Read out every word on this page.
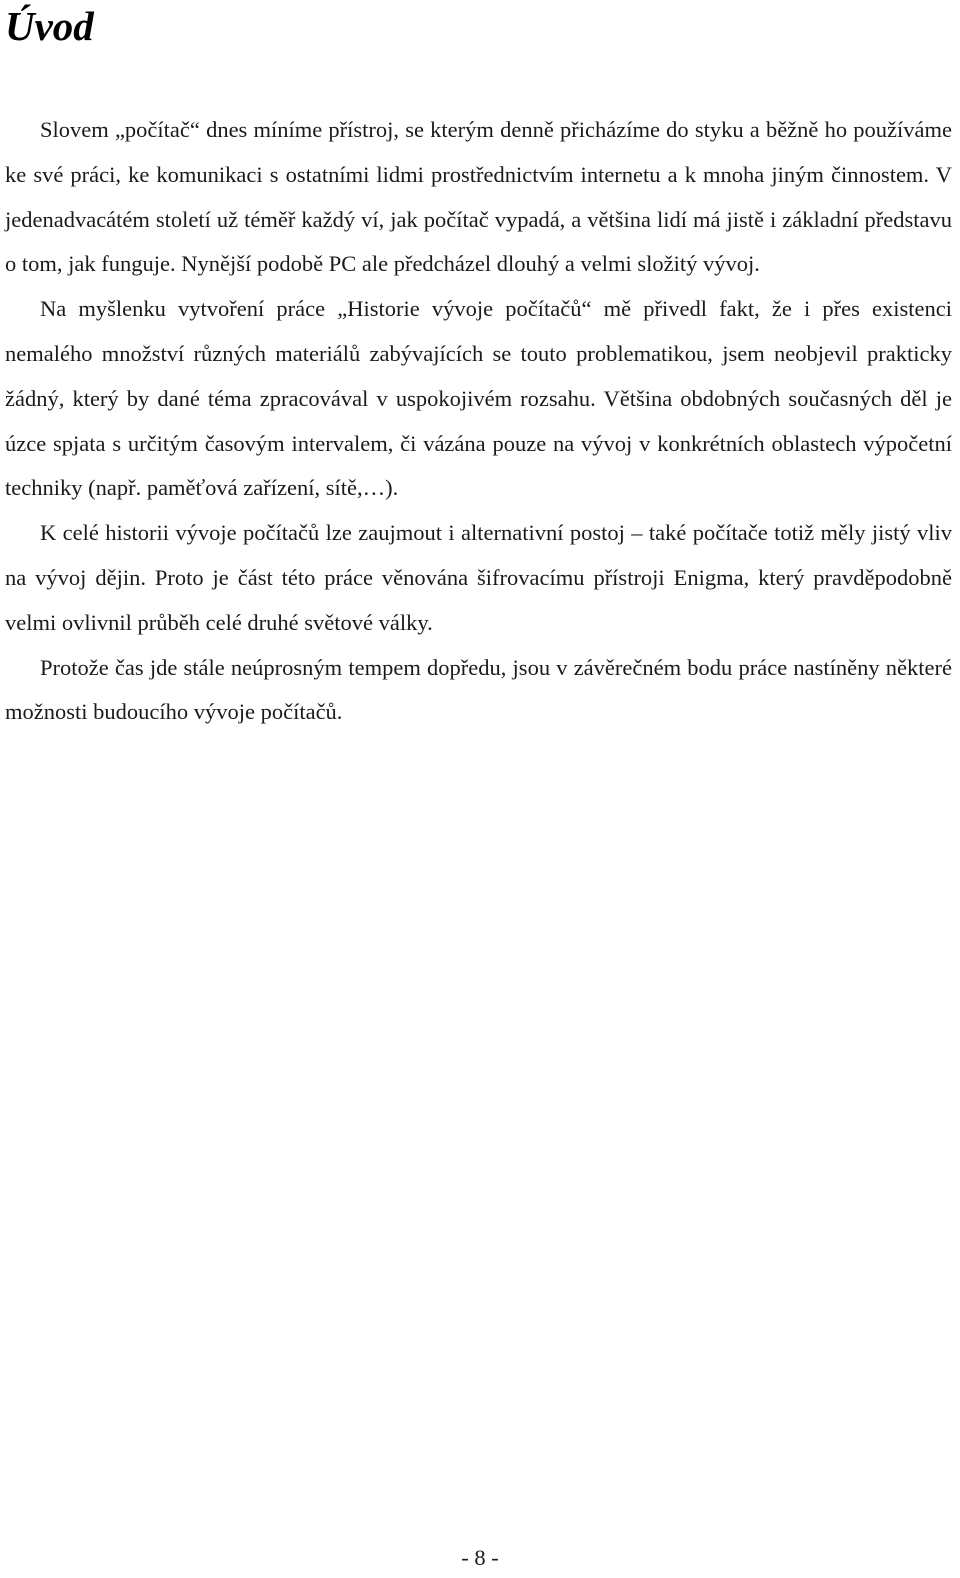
Úvod

Slovem „počítač“ dnes míníme přístroj, se kterým denně přicházíme do styku a běžně ho používáme ke své práci, ke komunikaci s ostatními lidmi prostřednictvím internetu a k mnoha jiným činnostem. V jedenadvacátém století už téměř každý ví, jak počítač vypadá, a většina lidí má jistě i základní představu o tom, jak funguje. Nynější podobě PC ale předcházel dlouhý a velmi složitý vývoj.

Na myšlenku vytvoření práce „Historie vývoje počítačů“ mě přivedl fakt, že i přes existenci nemalého množství různých materiálů zabývajících se touto problematikou, jsem neobjevil prakticky žádný, který by dané téma zpracovával v uspokojivém rozsahu. Většina obdobných současných děl je úzce spjata s určitým časovým intervalem, či vázána pouze na vývoj v konkrétních oblastech výpočetní techniky (např. paměťová zařízení, sítě,…).

K celé historii vývoje počítačů lze zaujmout i alternativní postoj – také počítače totiž měly jistý vliv na vývoj dějin. Proto je část této práce věnována šifrovacímu přístroji Enigma, který pravděpodobně velmi ovlivnil průběh celé druhé světové války.

Protože čas jde stále neúprosným tempem dopředu, jsou v závěrečném bodu práce nastíněny některé možnosti budoucího vývoje počítačů.

- 8 -
